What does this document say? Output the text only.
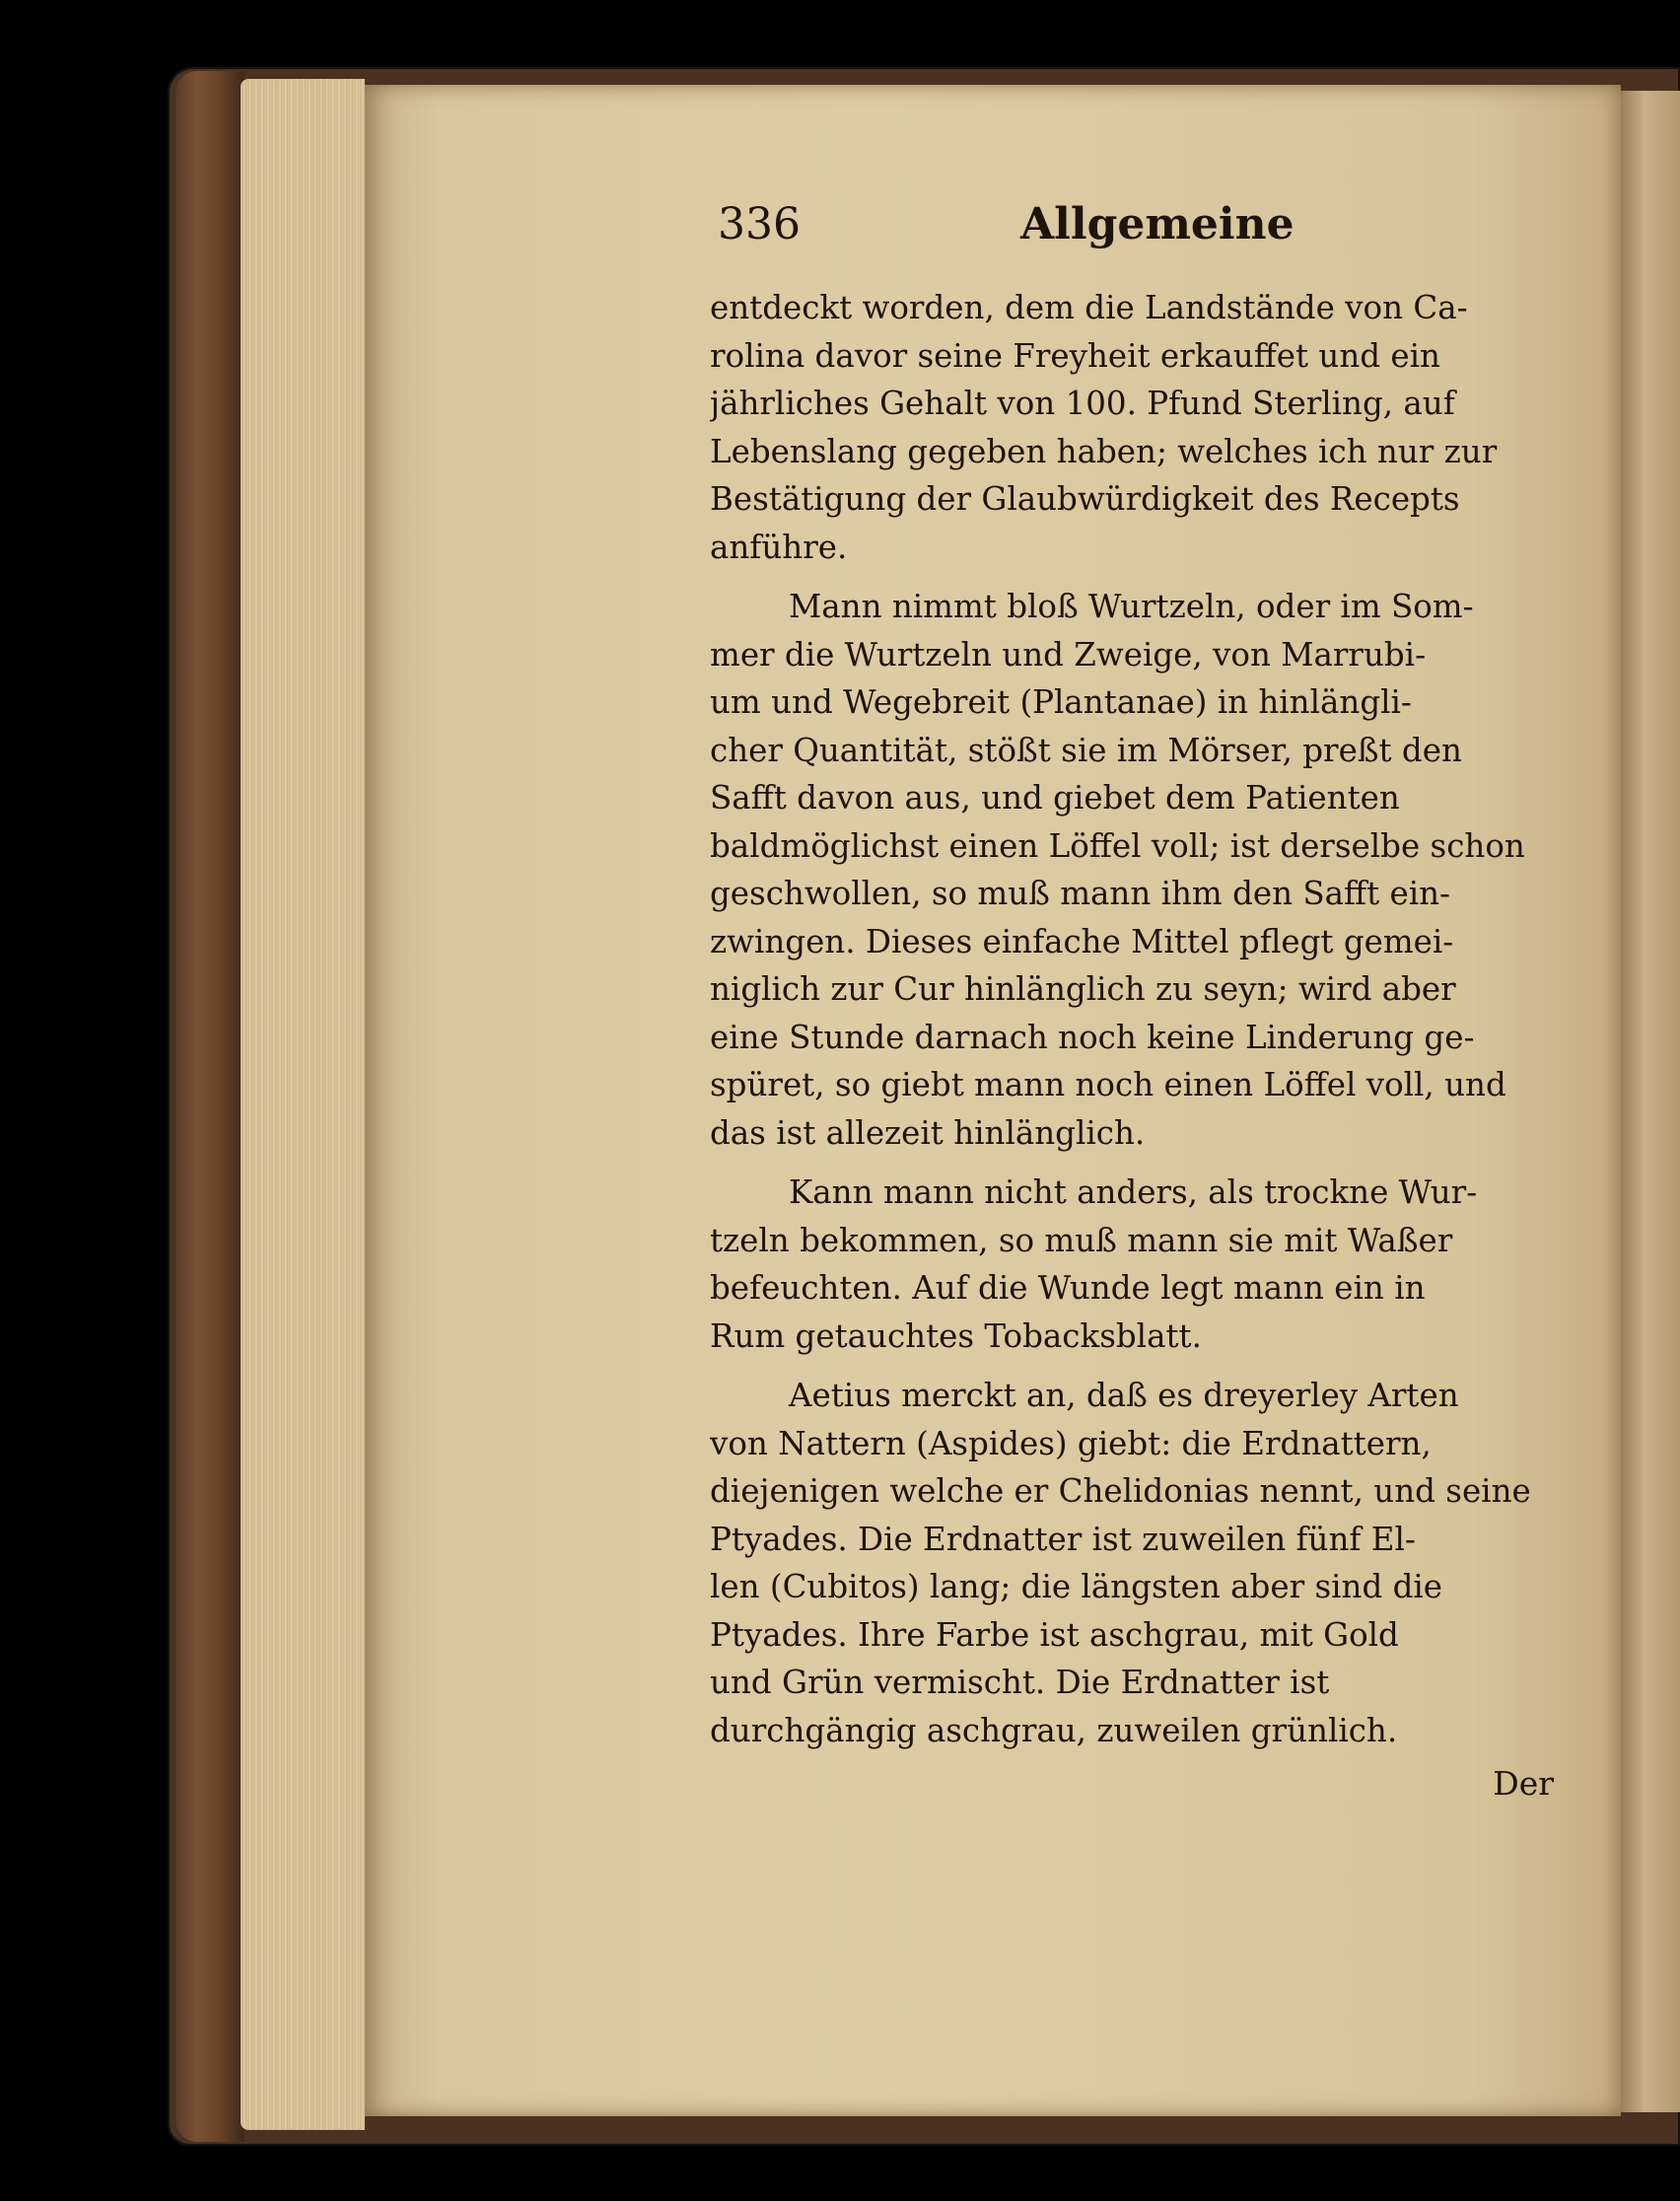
336	Allgemeine

entdeckt worden, dem die Landstände von Ca-
rolina davor seine Freyheit erkauffet und ein
jährliches Gehalt von 100. Pfund Sterling, auf
Lebenslang gegeben haben; welches ich nur zur
Bestätigung der Glaubwürdigkeit des Recepts
anführe.

Mann nimmt bloß Wurtzeln, oder im Som-
mer die Wurtzeln und Zweige, von Marrubi-
um und Wegebreit (Plantanae) in hinlängli-
cher Quantität, stößt sie im Mörser, preßt den
Safft davon aus, und giebet dem Patienten
baldmöglichst einen Löffel voll; ist derselbe schon
geschwollen, so muß mann ihm den Safft ein-
zwingen. Dieses einfache Mittel pflegt gemei-
niglich zur Cur hinlänglich zu seyn; wird aber
eine Stunde darnach noch keine Linderung ge-
spüret, so giebt mann noch einen Löffel voll, und
das ist allezeit hinlänglich.

Kann mann nicht anders, als trockne Wur-
tzeln bekommen, so muß mann sie mit Waßer
befeuchten. Auf die Wunde legt mann ein in
Rum getauchtes Tobacksblatt.

Aetius merckt an, daß es dreyerley Arten
von Nattern (Aspides) giebt: die Erdnattern,
diejenigen welche er Chelidonias nennt, und seine
Ptyades. Die Erdnatter ist zuweilen fünf El-
len (Cubitos) lang; die längsten aber sind die
Ptyades. Ihre Farbe ist aschgrau, mit Gold
und Grün vermischt. Die Erdnatter ist
durchgängig aschgrau, zuweilen grünlich.

Der
